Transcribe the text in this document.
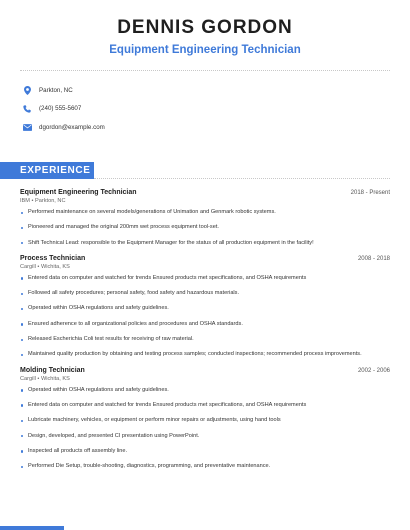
DENNIS GORDON
Equipment Engineering Technician
Parkton, NC
(240) 555-5607
dgordon@example.com
EXPERIENCE
Equipment Engineering Technician	2018 - Present
IBM • Parkton, NC
Performed maintenance on several models/generations of Unimation and Genmark robotic systems.
Pioneered and managed the original 200mm wet process equipment tool-set.
Shift Technical Lead: responsible to the Equipment Manager for the status of all production equipment in the facility!
Process Technician	2008 - 2018
Cargill • Wichita, KS
Entered data on computer and watched for trends Ensured products met specifications, and OSHA requirements
Followed all safety procedures; personal safety, food safety and hazardous materials.
Operated within OSHA regulations and safety guidelines.
Ensured adherence to all organizational policies and procedures and OSHA standards.
Released Escherichia Coli test results for receiving of raw material.
Maintained quality production by obtaining and testing process samples; conducted inspections; recommended process improvements.
Molding Technician	2002 - 2006
Cargill • Wichita, KS
Operated within OSHA regulations and safety guidelines.
Entered data on computer and watched for trends Ensured products met specifications, and OSHA requirements
Lubricate machinery, vehicles, or equipment or perform minor repairs or adjustments, using hand tools
Design, developed, and presented CI presentation using PowerPoint.
Inspected all products off assembly line.
Performed Die Setup, trouble-shooting, diagnostics, programming, and preventative maintenance.
